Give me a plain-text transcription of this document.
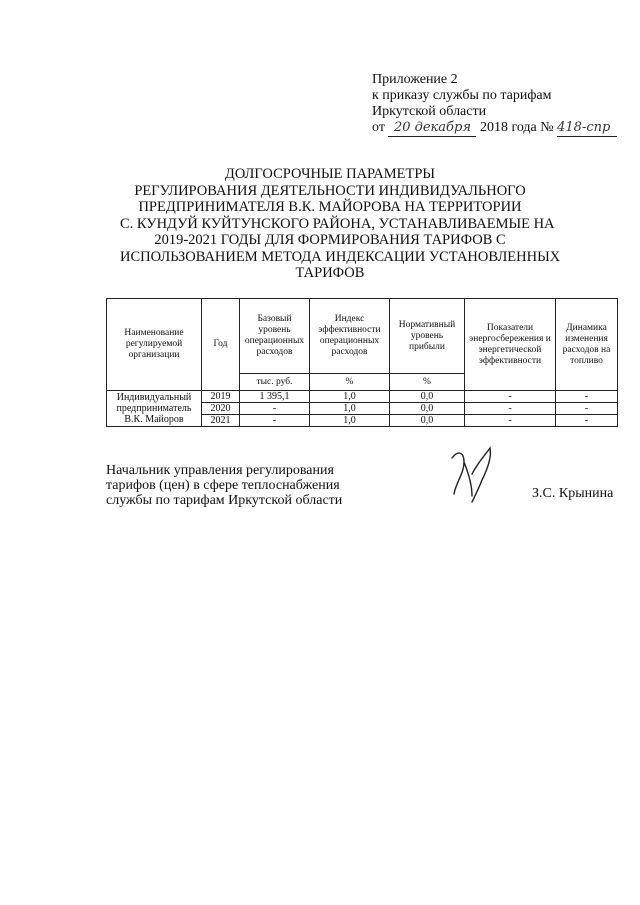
Приложение 2
к приказу службы по тарифам
Иркутской области
от 20 декабря 2018 года № 418-спр
ДОЛГОСРОЧНЫЕ ПАРАМЕТРЫ
РЕГУЛИРОВАНИЯ ДЕЯТЕЛЬНОСТИ ИНДИВИДУАЛЬНОГО
ПРЕДПРИНИМАТЕЛЯ В.К. МАЙОРОВА НА ТЕРРИТОРИИ
С. КУНДУЙ КУЙТУНСКОГО РАЙОНА, УСТАНАВЛИВАЕМЫЕ НА
2019-2021 ГОДЫ ДЛЯ ФОРМИРОВАНИЯ ТАРИФОВ С
ИСПОЛЬЗОВАНИЕМ МЕТОДА ИНДЕКСАЦИИ УСТАНОВЛЕННЫХ
ТАРИФОВ
Наименование регулируемой организации	Год	Базовый уровень операционных расходов	Индекс эффективности операционных расходов	Нормативный уровень прибыли	Показатели энергосбережения и энергетической эффективности	Динамика изменения расходов на топливо
		тыс. руб.	%	%		
Индивидуальный предприниматель В.К. Майоров	2019	1 395,1	1,0	0,0	-	-
	2020	-	1,0	0,0	-	-
	2021	-	1,0	0,0	-	-
Начальник управления регулирования
тарифов (цен) в сфере теплоснабжения
службы по тарифам Иркутской области	З.С. Крынина
